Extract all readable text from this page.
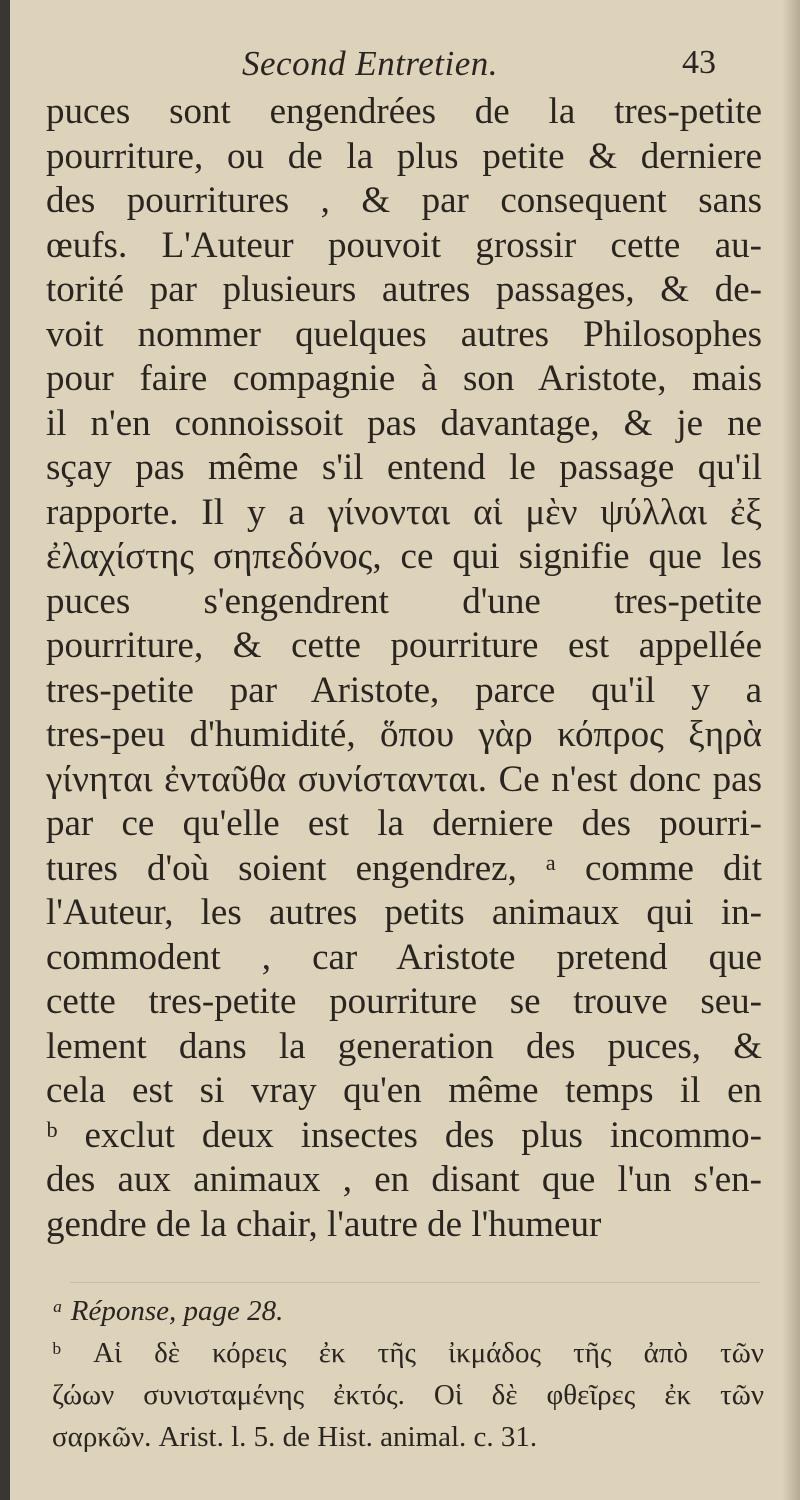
Second Entretien.	43
puces sont engendrées de la tres-petite
pourriture, ou de la plus petite & derniere
des pourritures , & par consequent sans
œufs. L'Auteur pouvoit grossir cette au-
torité par plusieurs autres passages, & de-
voit nommer quelques autres Philosophes
pour faire compagnie à son Aristote, mais
il n'en connoissoit pas davantage, & je ne
sçay pas même s'il entend le passage qu'il
rapporte. Il y a γίνονται αἱ μὲν ψύλλαι ἐξ
ἐλαχίστης σηπεδόνος, ce qui signifie que les
puces s'engendrent d'une tres-petite
pourriture, & cette pourriture est appellée
tres-petite par Aristote, parce qu'il y a
tres-peu d'humidité, ὅπου γὰρ κόπρος ξηρὰ
γίνηται ἐνταῦθα συνίστανται. Ce n'est donc pas
par ce qu'elle est la derniere des pourri-
tures d'où soient engendrez, ᵃ comme dit
l'Auteur, les autres petits animaux qui in-
commodent , car Aristote pretend que
cette tres-petite pourriture se trouve seu-
lement dans la generation des puces, &
cela est si vray qu'en même temps il en
ᵇ exclut deux insectes des plus incommo-
des aux animaux , en disant que l'un s'en-
gendre de la chair, l'autre de l'humeur
ᵃ Réponse, page 28.
ᵇ Αἱ δὲ κόρεις ἐκ τῆς ἰκμάδος τῆς ἀπὸ τῶν
ζώων συνισταμένης ἐκτός. Οἱ δὲ φθεῖρες ἐκ τῶν
σαρκῶν. Arist. l. 5. de Hist. animal. c. 31.
